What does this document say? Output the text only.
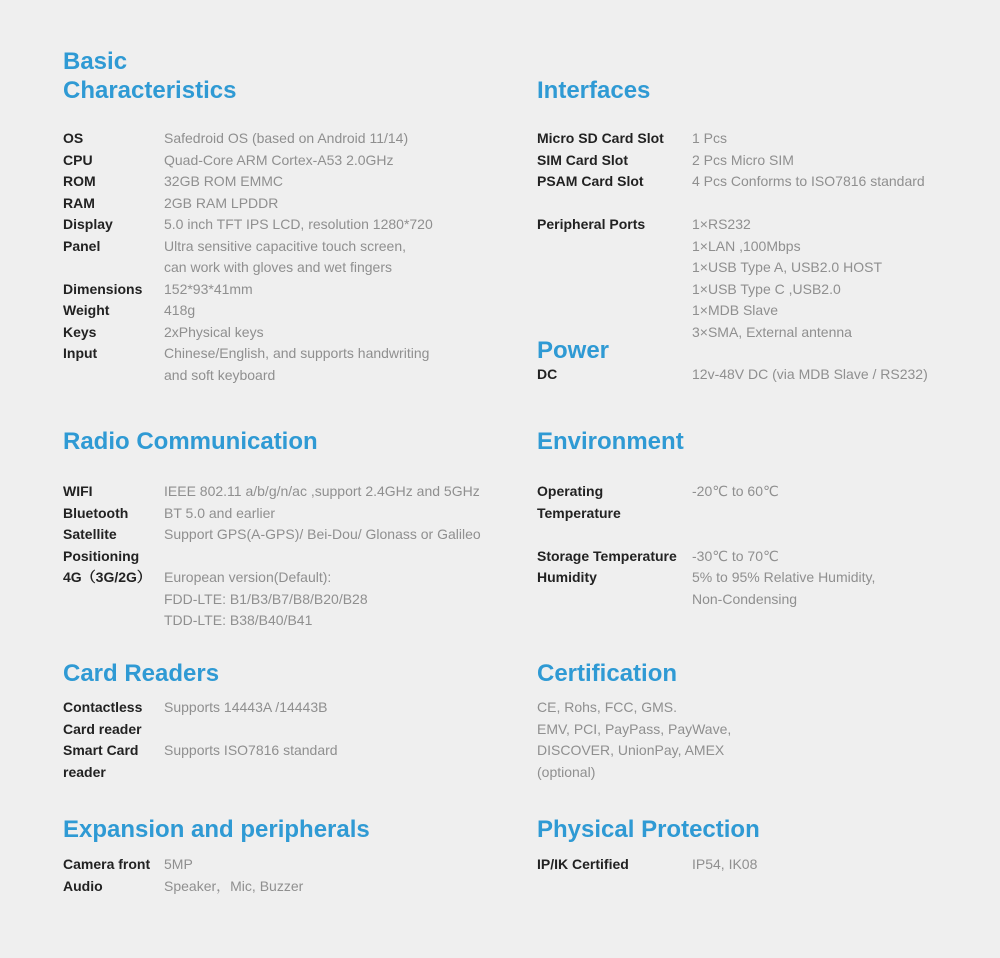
Basic
Characteristics
OS	Safedroid OS (based on Android 11/14)
CPU	Quad-Core ARM Cortex-A53 2.0GHz
ROM	32GB ROM EMMC
RAM	2GB RAM LPDDR
Display	5.0 inch TFT IPS LCD, resolution 1280*720
Panel	Ultra sensitive capacitive touch screen,
can work with gloves and wet fingers
Dimensions 152*93*41mm
Weight	418g
Keys	2xPhysical keys
Input	Chinese/English, and supports handwriting
and soft keyboard
Interfaces
Micro SD Card Slot 1 Pcs
SIM Card Slot	2 Pcs Micro SIM
PSAM Card Slot	4 Pcs Conforms to ISO7816 standard
Peripheral Ports	1×RS232
1×LAN ,100Mbps
1×USB Type A, USB2.0 HOST
1×USB Type C ,USB2.0
1×MDB Slave
3×SMA, External antenna
Power
DC	12v-48V DC (via MDB Slave / RS232)
Radio Communication
WIFI	IEEE 802.11 a/b/g/n/ac ,support 2.4GHz and 5GHz
Bluetooth	BT 5.0 and earlier
Satellite	Support GPS(A-GPS)/ Bei-Dou/ Glonass or Galileo
Positioning
4G（3G/2G） European version(Default):
FDD-LTE: B1/B3/B7/B8/B20/B28
TDD-LTE: B38/B40/B41
Environment
Operating	-20℃ to 60℃
Temperature
Storage Temperature -30℃ to 70℃
Humidity	5% to 95% Relative Humidity,
Non-Condensing
Card Readers
Contactless Supports 14443A /14443B
Card reader
Smart Card Supports ISO7816 standard
reader
Certification
CE, Rohs, FCC, GMS.
EMV, PCI, PayPass, PayWave,
DISCOVER, UnionPay, AMEX
(optional)
Expansion and peripherals
Camera front 5MP
Audio	Speaker，Mic, Buzzer
Physical Protection
IP/IK Certified	IP54, IK08
